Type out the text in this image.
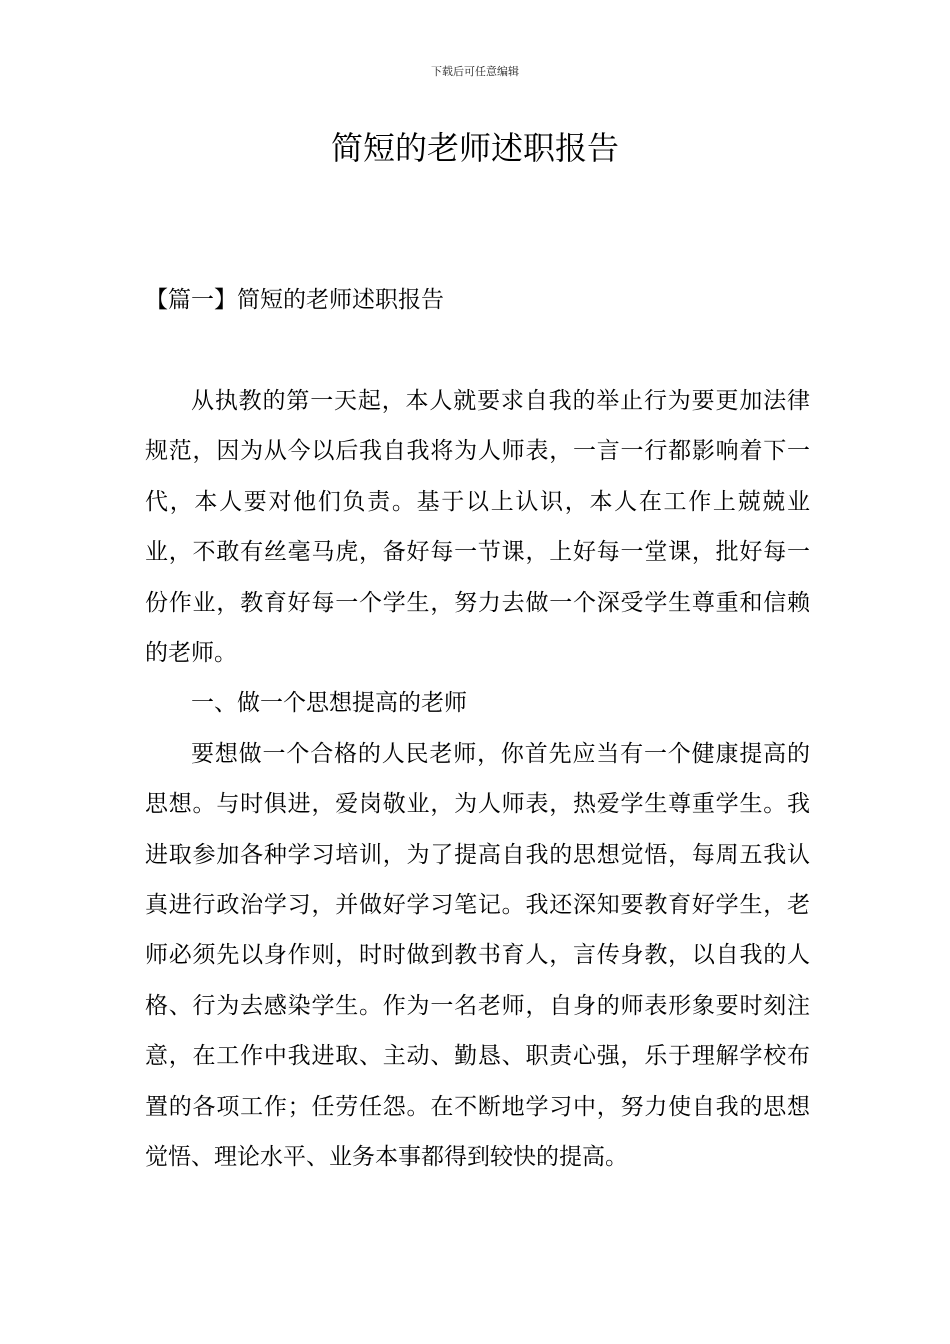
下载后可任意编辑
简短的老师述职报告
【篇一】简短的老师述职报告

从执教的第一天起，本人就要求自我的举止行为要更加法律规范，因为从今以后我自我将为人师表，一言一行都影响着下一代，本人要对他们负责。基于以上认识，本人在工作上兢兢业业，不敢有丝毫马虎，备好每一节课，上好每一堂课，批好每一份作业，教育好每一个学生，努力去做一个深受学生尊重和信赖的老师。

一、做一个思想提高的老师

要想做一个合格的人民老师，你首先应当有一个健康提高的思想。与时俱进，爱岗敬业，为人师表，热爱学生尊重学生。我进取参加各种学习培训，为了提高自我的思想觉悟，每周五我认真进行政治学习，并做好学习笔记。我还深知要教育好学生，老师必须先以身作则，时时做到教书育人，言传身教，以自我的人格、行为去感染学生。作为一名老师，自身的师表形象要时刻注意，在工作中我进取、主动、勤恳、职责心强，乐于理解学校布置的各项工作；任劳任怨。在不断地学习中，努力使自我的思想觉悟、理论水平、业务本事都得到较快的提高。
